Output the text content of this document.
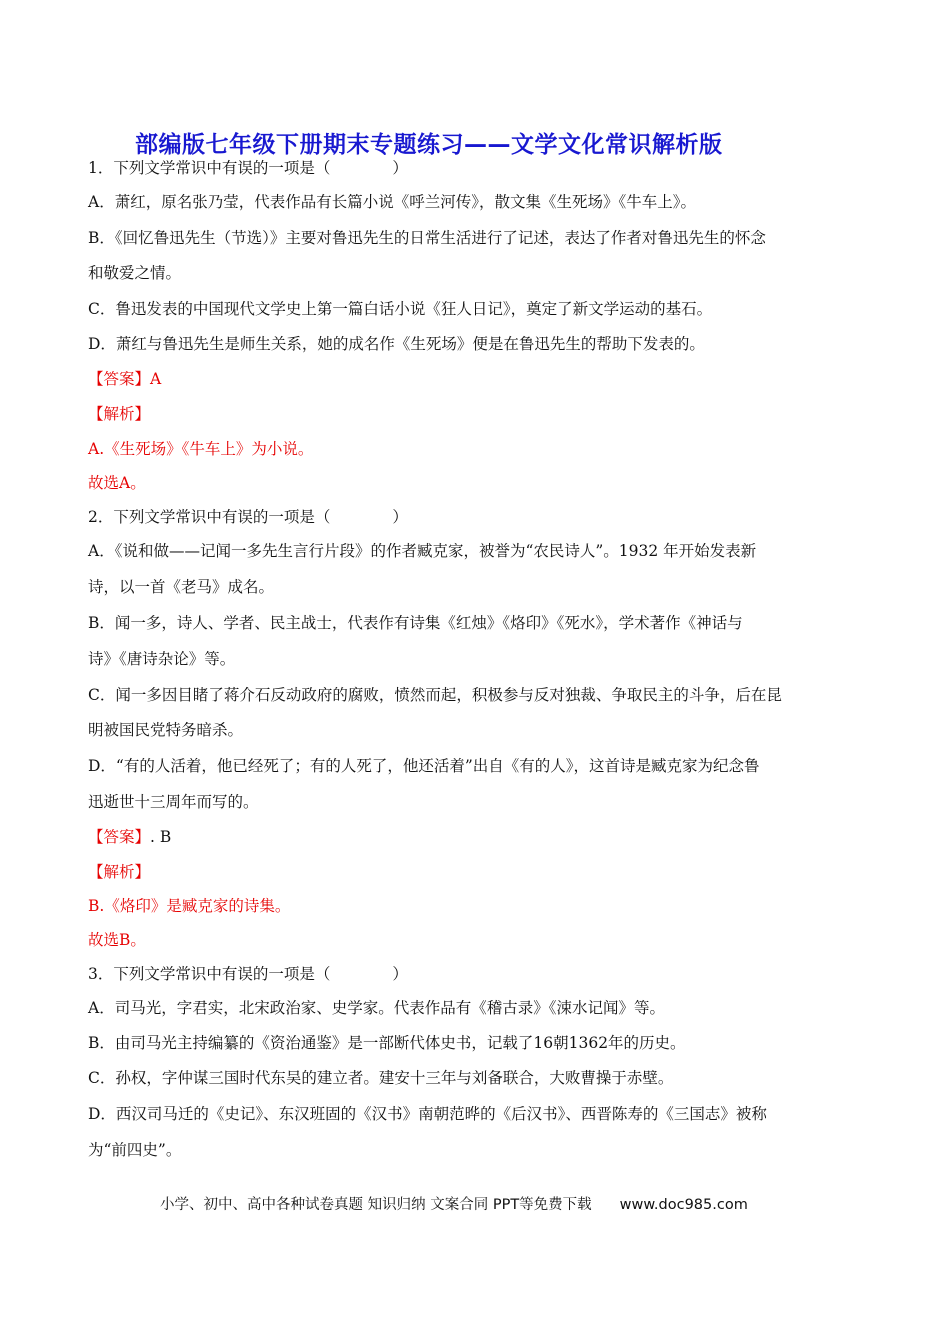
部编版七年级下册期末专题练习——文学文化常识解析版
1．下列文学常识中有误的一项是（　　　　）
A．萧红，原名张乃莹，代表作品有长篇小说《呼兰河传》，散文集《生死场》《牛车上》。
B．《回忆鲁迅先生（节选）》主要对鲁迅先生的日常生活进行了记述，表达了作者对鲁迅先生的怀念
和敬爱之情。
C．鲁迅发表的中国现代文学史上第一篇白话小说《狂人日记》，奠定了新文学运动的基石。
D．萧红与鲁迅先生是师生关系，她的成名作《生死场》便是在鲁迅先生的帮助下发表的。
【答案】A
【解析】
A.《生死场》《牛车上》为小说。
故选A。
2．下列文学常识中有误的一项是（　　　　）
A．《说和做——记闻一多先生言行片段》的作者臧克家，被誉为“农民诗人”。1932 年开始发表新
诗，以一首《老马》成名。
B．闻一多，诗人、学者、民主战士，代表作有诗集《红烛》《烙印》《死水》，学术著作《神话与
诗》《唐诗杂论》等。
C．闻一多因目睹了蒋介石反动政府的腐败，愤然而起，积极参与反对独裁、争取民主的斗争，后在昆
明被国民党特务暗杀。
D．“有的人活着，他已经死了；有的人死了，他还活着”出自《有的人》，这首诗是臧克家为纪念鲁
迅逝世十三周年而写的。
【答案】. B
【解析】
B.《烙印》是臧克家的诗集。
故选B。
3．下列文学常识中有误的一项是（　　　　）
A．司马光，字君实，北宋政治家、史学家。代表作品有《稽古录》《涑水记闻》等。
B．由司马光主持编纂的《资治通鉴》是一部断代体史书，记载了16朝1362年的历史。
C．孙权，字仲谋三国时代东吴的建立者。建安十三年与刘备联合，大败曹操于赤壁。
D．西汉司马迁的《史记》、东汉班固的《汉书》南朝范晔的《后汉书》、西晋陈寿的《三国志》被称
为“前四史”。
小学、初中、高中各种试卷真题 知识归纳 文案合同 PPT等免费下载 www.doc985.com
